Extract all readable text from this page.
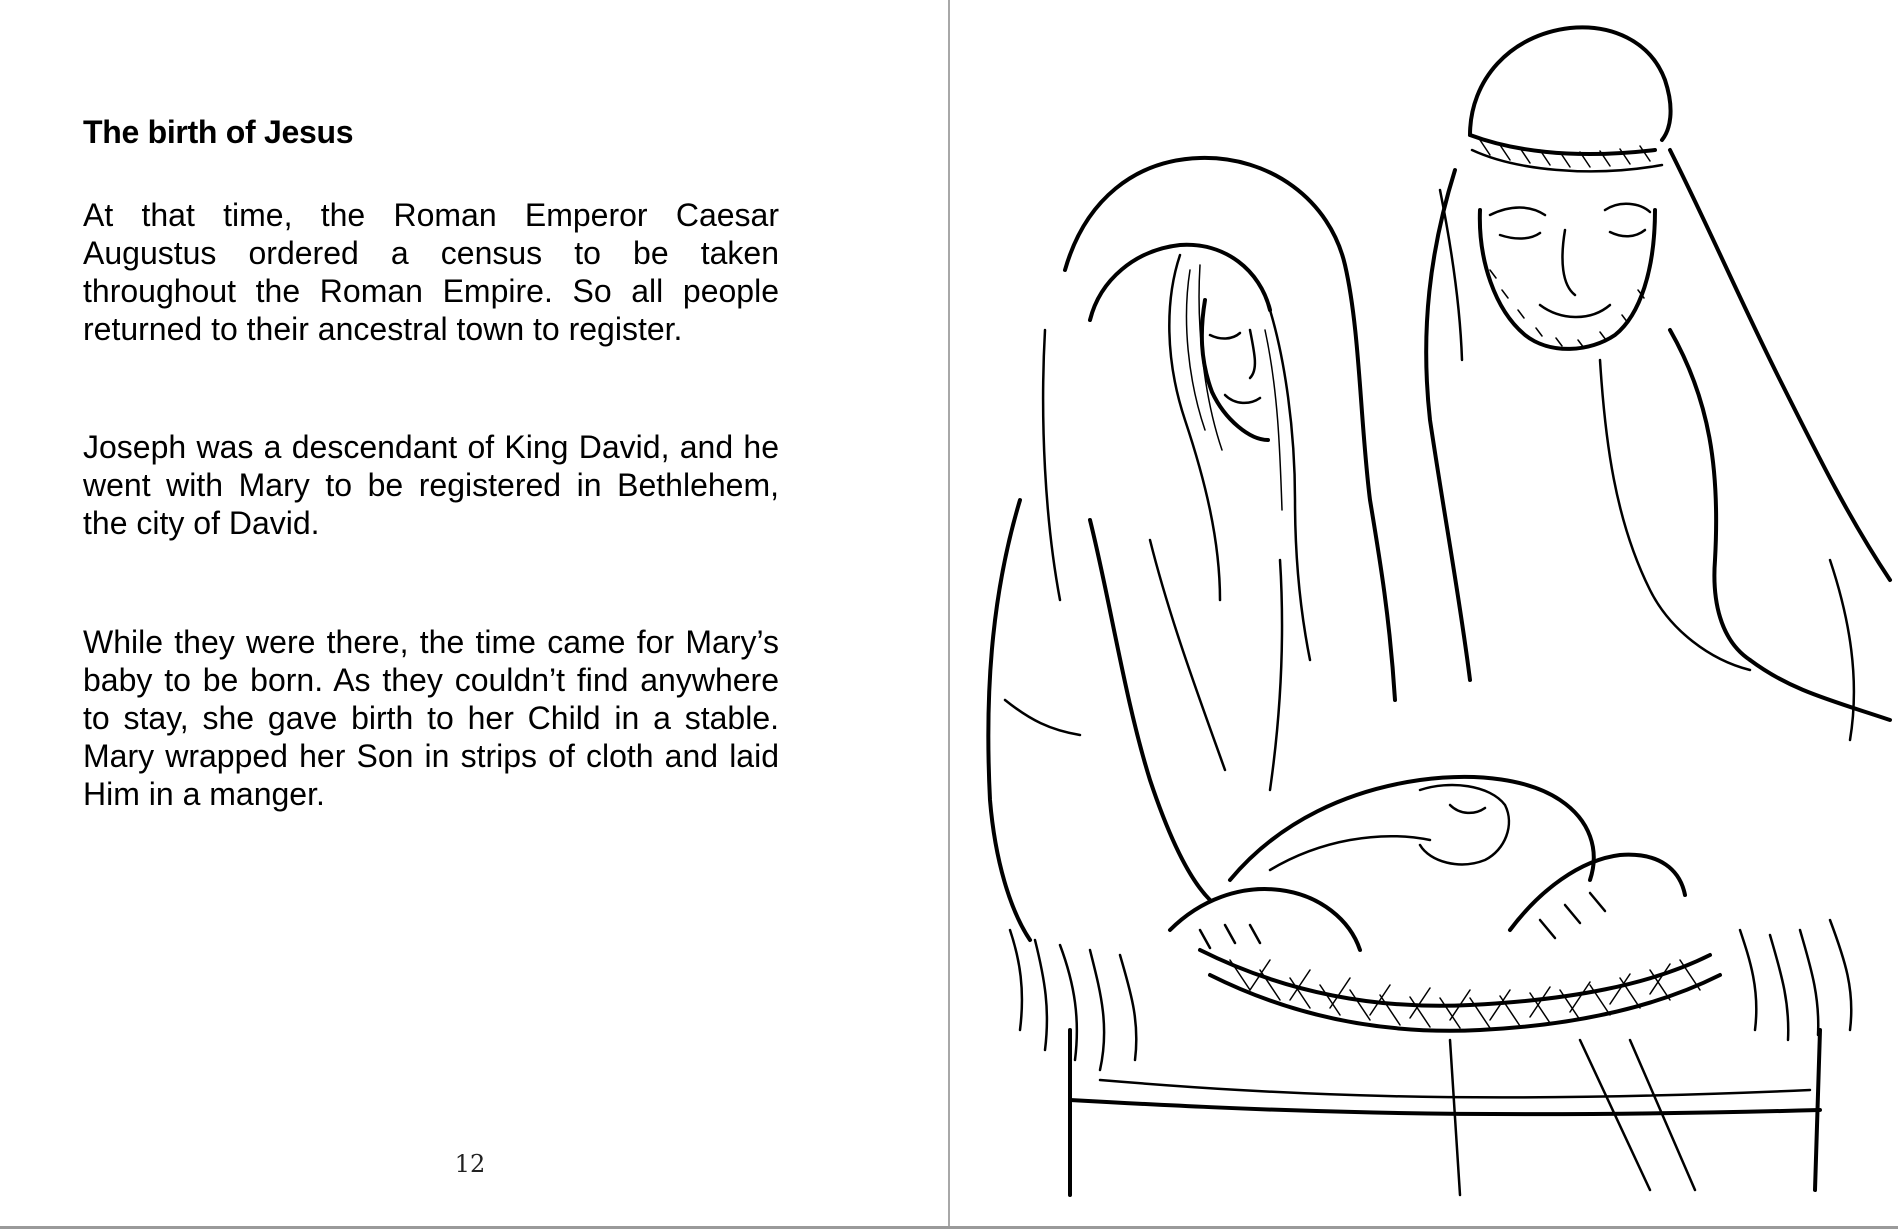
The birth of Jesus

At that time, the Roman Emperor Caesar Augustus ordered a census to be taken throughout the Roman Empire. So all people returned to their ancestral town to register.

Joseph was a descendant of King David, and he went with Mary to be registered in Bethlehem, the city of David.

While they were there, the time came for Mary’s baby to be born. As they couldn’t find anywhere to stay, she gave birth to her Child in a stable. Mary wrapped her Son in strips of cloth and laid Him in a manger.

12
